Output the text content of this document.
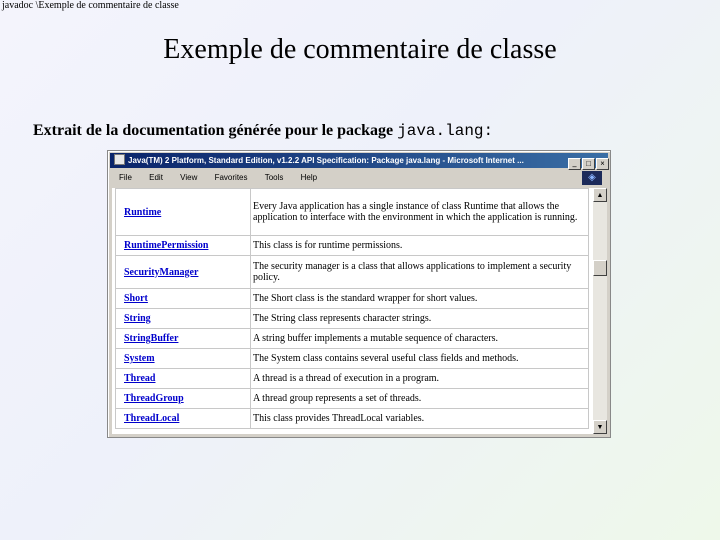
javadoc \Exemple de commentaire de classe
Exemple de commentaire de classe
Extrait de la documentation générée pour le package java.lang:
Java(TM) 2 Platform, Standard Edition, v1.2.2 API Specification: Package java.lang - Microsoft Internet ...	_ □ ×
File Edit View Favorites Tools Help	◈
Runtime	Every Java application has a single instance of class Runtime that allows the application to interface with the environment in which the application is running.
RuntimePermission	This class is for runtime permissions.
SecurityManager	The security manager is a class that allows applications to implement a security policy.
Short	The Short class is the standard wrapper for short values.
String	The String class represents character strings.
StringBuffer	A string buffer implements a mutable sequence of characters.
System	The System class contains several useful class fields and methods.
Thread	A thread is a thread of execution in a program.
ThreadGroup	A thread group represents a set of threads.
ThreadLocal	This class provides ThreadLocal variables.
▲
▼
